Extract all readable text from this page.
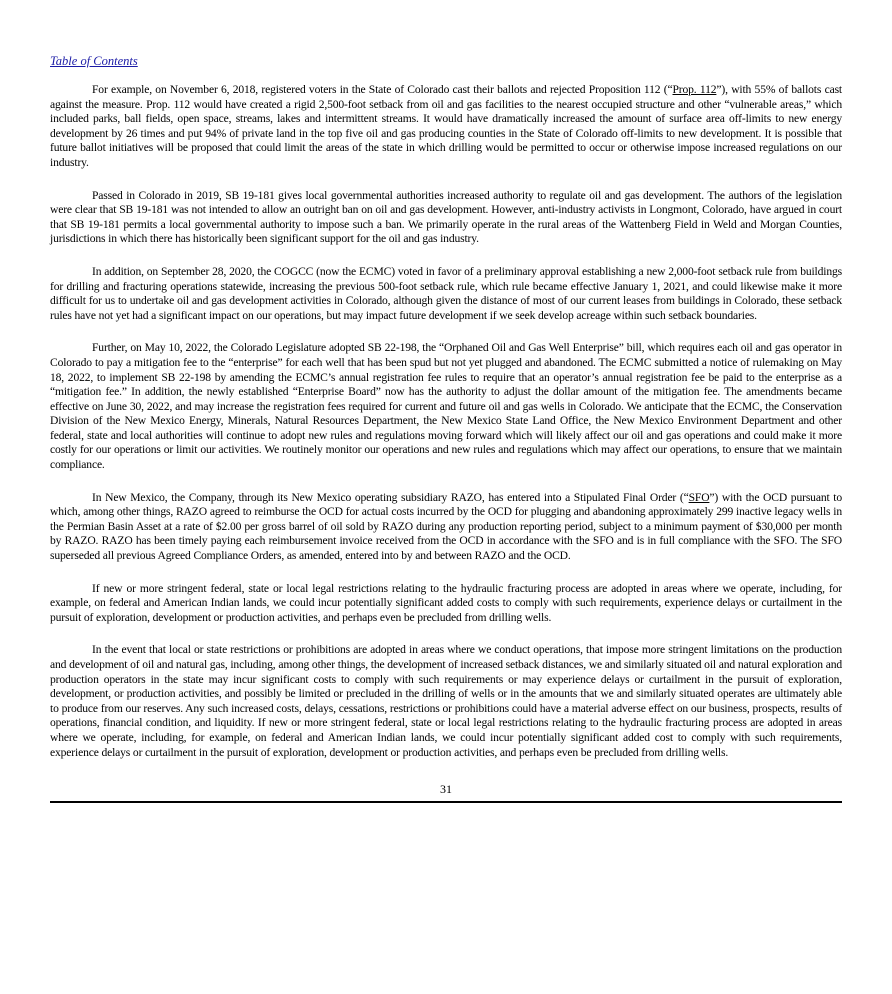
Table of Contents

For example, on November 6, 2018, registered voters in the State of Colorado cast their ballots and rejected Proposition 112 (“Prop. 112”), with 55% of ballots cast against the measure. Prop. 112 would have created a rigid 2,500-foot setback from oil and gas facilities to the nearest occupied structure and other “vulnerable areas,” which included parks, ball fields, open space, streams, lakes and intermittent streams. It would have dramatically increased the amount of surface area off-limits to new energy development by 26 times and put 94% of private land in the top five oil and gas producing counties in the State of Colorado off-limits to new development. It is possible that future ballot initiatives will be proposed that could limit the areas of the state in which drilling would be permitted to occur or otherwise impose increased regulations on our industry.

Passed in Colorado in 2019, SB 19-181 gives local governmental authorities increased authority to regulate oil and gas development. The authors of the legislation were clear that SB 19-181 was not intended to allow an outright ban on oil and gas development. However, anti-industry activists in Longmont, Colorado, have argued in court that SB 19-181 permits a local governmental authority to impose such a ban. We primarily operate in the rural areas of the Wattenberg Field in Weld and Morgan Counties, jurisdictions in which there has historically been significant support for the oil and gas industry.

In addition, on September 28, 2020, the COGCC (now the ECMC) voted in favor of a preliminary approval establishing a new 2,000-foot setback rule from buildings for drilling and fracturing operations statewide, increasing the previous 500-foot setback rule, which rule became effective January 1, 2021, and could likewise make it more difficult for us to undertake oil and gas development activities in Colorado, although given the distance of most of our current leases from buildings in Colorado, these setback rules have not yet had a significant impact on our operations, but may impact future development if we seek develop acreage within such setback boundaries.

Further, on May 10, 2022, the Colorado Legislature adopted SB 22-198, the “Orphaned Oil and Gas Well Enterprise” bill, which requires each oil and gas operator in Colorado to pay a mitigation fee to the “enterprise” for each well that has been spud but not yet plugged and abandoned. The ECMC submitted a notice of rulemaking on May 18, 2022, to implement SB 22-198 by amending the ECMC’s annual registration fee rules to require that an operator’s annual registration fee be paid to the enterprise as a “mitigation fee.” In addition, the newly established “Enterprise Board” now has the authority to adjust the dollar amount of the mitigation fee. The amendments became effective on June 30, 2022, and may increase the registration fees required for current and future oil and gas wells in Colorado. We anticipate that the ECMC, the Conservation Division of the New Mexico Energy, Minerals, Natural Resources Department, the New Mexico State Land Office, the New Mexico Environment Department and other federal, state and local authorities will continue to adopt new rules and regulations moving forward which will likely affect our oil and gas operations and could make it more costly for our operations or limit our activities. We routinely monitor our operations and new rules and regulations which may affect our operations, to ensure that we maintain compliance.

In New Mexico, the Company, through its New Mexico operating subsidiary RAZO, has entered into a Stipulated Final Order (“SFO”) with the OCD pursuant to which, among other things, RAZO agreed to reimburse the OCD for actual costs incurred by the OCD for plugging and abandoning approximately 299 inactive legacy wells in the Permian Basin Asset at a rate of $2.00 per gross barrel of oil sold by RAZO during any production reporting period, subject to a minimum payment of $30,000 per month by RAZO. RAZO has been timely paying each reimbursement invoice received from the OCD in accordance with the SFO and is in full compliance with the SFO. The SFO superseded all previous Agreed Compliance Orders, as amended, entered into by and between RAZO and the OCD.

If new or more stringent federal, state or local legal restrictions relating to the hydraulic fracturing process are adopted in areas where we operate, including, for example, on federal and American Indian lands, we could incur potentially significant added costs to comply with such requirements, experience delays or curtailment in the pursuit of exploration, development or production activities, and perhaps even be precluded from drilling wells.

In the event that local or state restrictions or prohibitions are adopted in areas where we conduct operations, that impose more stringent limitations on the production and development of oil and natural gas, including, among other things, the development of increased setback distances, we and similarly situated oil and natural exploration and production operators in the state may incur significant costs to comply with such requirements or may experience delays or curtailment in the pursuit of exploration, development, or production activities, and possibly be limited or precluded in the drilling of wells or in the amounts that we and similarly situated operates are ultimately able to produce from our reserves. Any such increased costs, delays, cessations, restrictions or prohibitions could have a material adverse effect on our business, prospects, results of operations, financial condition, and liquidity. If new or more stringent federal, state or local legal restrictions relating to the hydraulic fracturing process are adopted in areas where we operate, including, for example, on federal and American Indian lands, we could incur potentially significant added cost to comply with such requirements, experience delays or curtailment in the pursuit of exploration, development or production activities, and perhaps even be precluded from drilling wells.

31
